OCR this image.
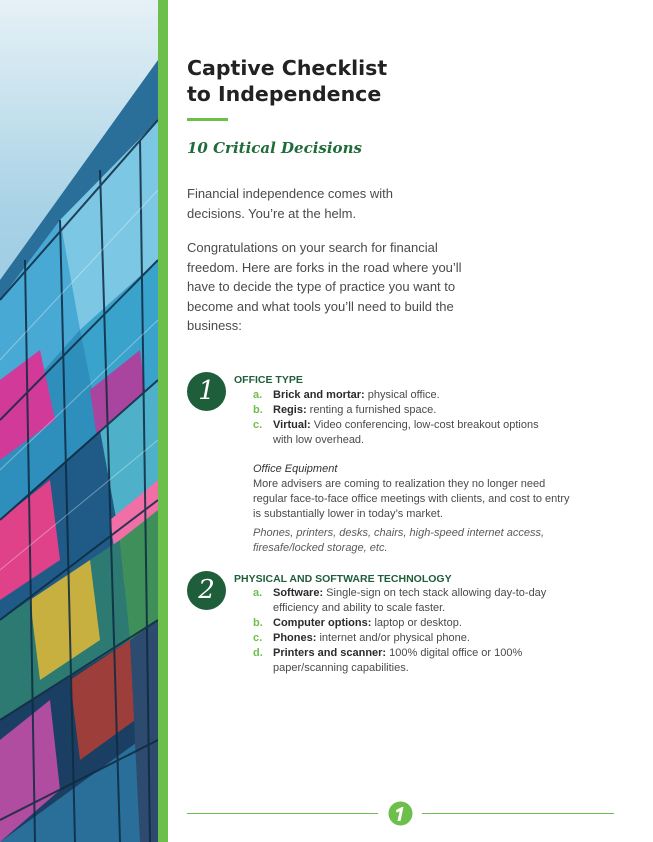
Captive Checklist
to Independence
10 Critical Decisions

Financial independence comes with decisions. You’re at the helm.

Congratulations on your search for financial freedom. Here are forks in the road where you’ll have to decide the type of practice you want to become and what tools you’ll need to build the business:

1	OFFICE TYPE
a. Brick and mortar: physical office.
b. Regis: renting a furnished space.
c. Virtual: Video conferencing, low-cost breakout options with low overhead.

Office Equipment

More advisers are coming to realization they no longer need regular face-to-face office meetings with clients, and cost to entry is substantially lower in today’s market.

Phones, printers, desks, chairs, high-speed internet access, firesafe/locked storage, etc.

2	PHYSICAL AND SOFTWARE TECHNOLOGY
a. Software: Single-sign on tech stack allowing day-to-day efficiency and ability to scale faster.
b. Computer options: laptop or desktop.
c. Phones: internet and/or physical phone.
d. Printers and scanner: 100% digital office or 100% paper/scanning capabilities.
